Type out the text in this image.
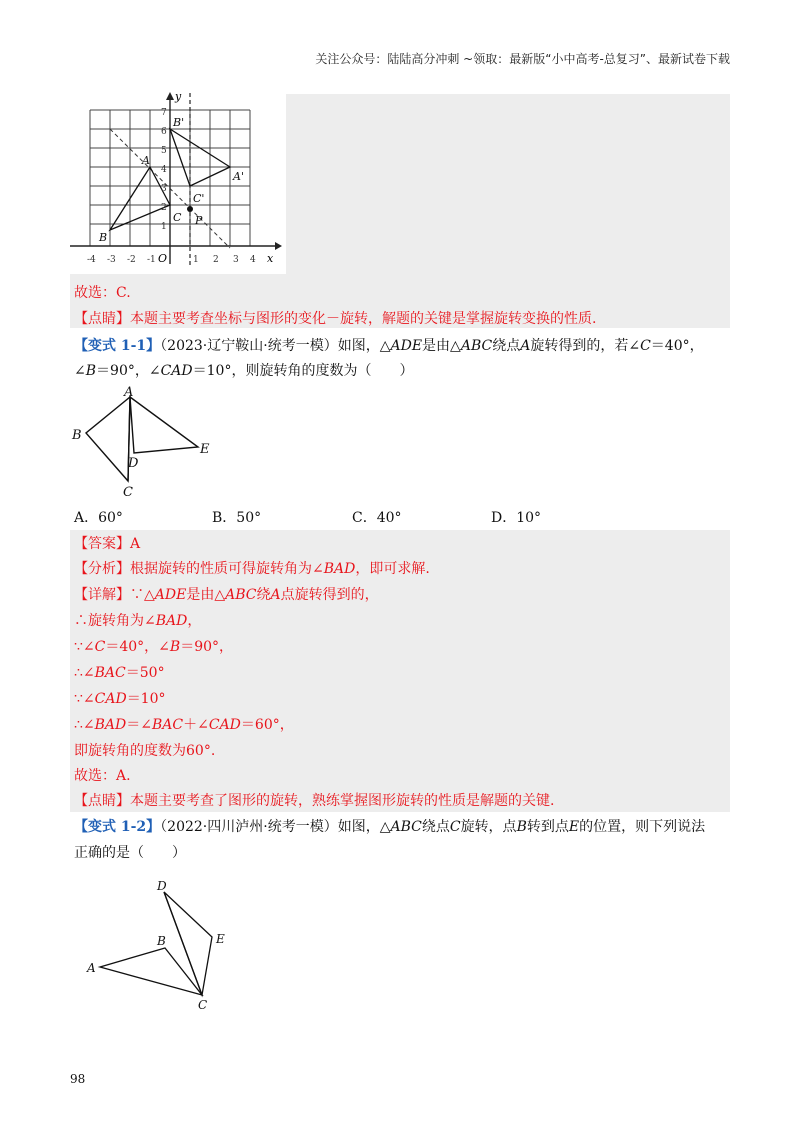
关注公众号：陆陆高分冲刺 ~领取：最新版“小中高考-总复习”、最新试卷下载
y
x
O
-4 -3 -2 -1	1 2 3 4
1
2
3
4
5
6
7
A
B
C
A'
B'
C'
P
故选：C.
【点睛】本题主要考查坐标与图形的变化－旋转，解题的关键是掌握旋转变换的性质.
【变式 1-1】（2023·辽宁鞍山·统考一模）如图，△ADE是由△ABC绕点A旋转得到的，若∠C＝40°，
∠B＝90°，∠CAD＝10°，则旋转角的度数为（　　）
A
B
C
D
E
A．60°	B．50°	C．40°	D．10°
【答案】A
【分析】根据旋转的性质可得旋转角为∠BAD，即可求解.
【详解】∵△ADE是由△ABC绕A点旋转得到的，
∴旋转角为∠BAD，
∵∠C＝40°，∠B＝90°，
∴∠BAC＝50°
∵∠CAD＝10°
∴∠BAD＝∠BAC＋∠CAD＝60°，
即旋转角的度数为60°.
故选：A.
【点睛】本题主要考查了图形的旋转，熟练掌握图形旋转的性质是解题的关键.
【变式 1-2】（2022·四川泸州·统考一模）如图，△ABC绕点C旋转，点B转到点E的位置，则下列说法
正确的是（　　）
A
B
C
D
E
98
